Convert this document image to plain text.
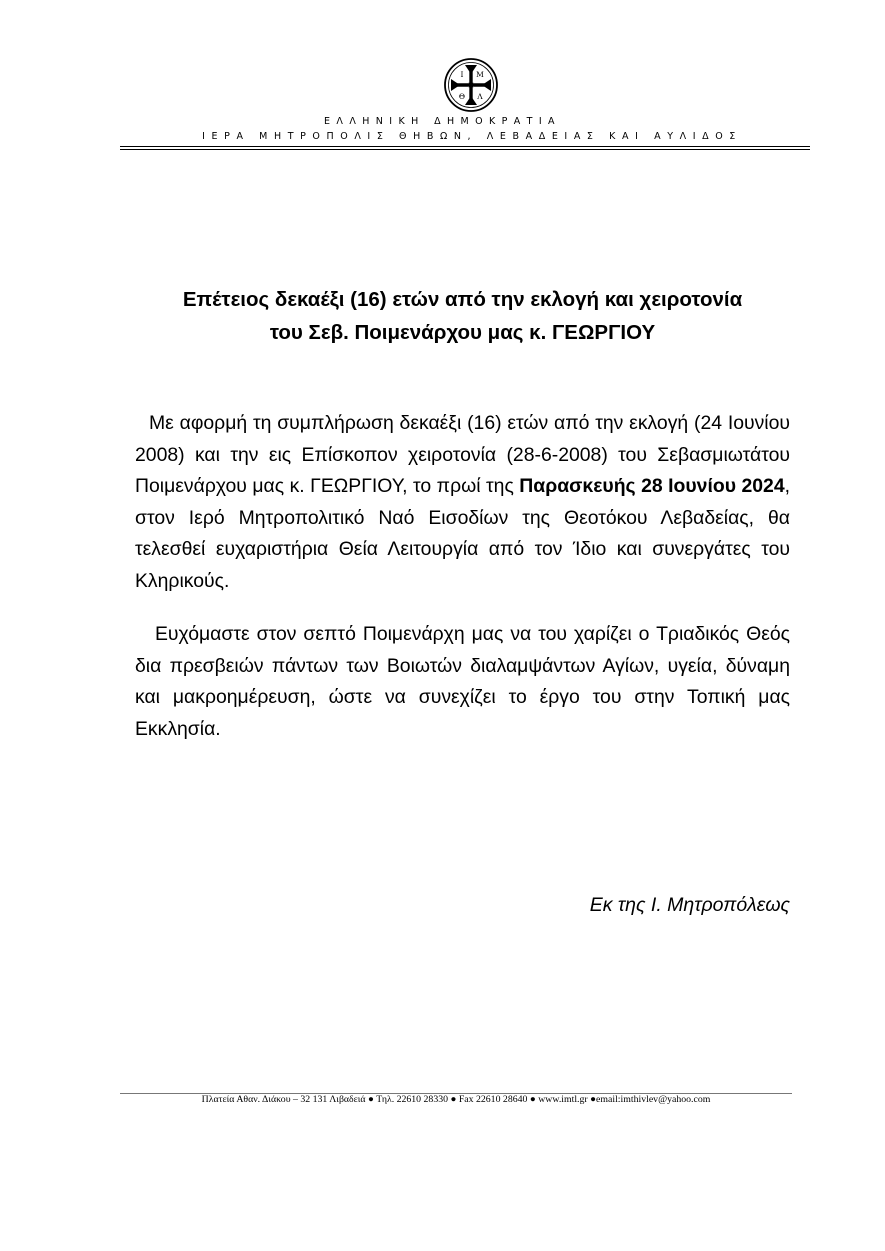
Ι Μ
Θ Λ
ΕΛΛΗΝΙΚΗ ΔΗΜΟΚΡΑΤΙΑ
ΙΕΡΑ ΜΗΤΡΟΠΟΛΙΣ ΘΗΒΩΝ, ΛΕΒΑΔΕΙΑΣ ΚΑΙ ΑΥΛΙΔΟΣ
Επέτειος δεκαέξι (16) ετών από την εκλογή και χειροτονία
του Σεβ. Ποιμενάρχου μας κ. ΓΕΩΡΓΙΟΥ
Με αφορμή τη συμπλήρωση δεκαέξι (16) ετών από την εκλογή (24 Ιουνίου 2008) και την εις Επίσκοπον χειροτονία (28-6-2008) του Σεβασμιωτάτου Ποιμενάρχου μας κ. ΓΕΩΡΓΙΟΥ, το πρωί της Παρασκευής 28 Ιουνίου 2024, στον Ιερό Μητροπολιτικό Ναό Εισοδίων της Θεοτόκου Λεβαδείας, θα τελεσθεί ευχαριστήρια Θεία Λειτουργία από τον Ίδιο και συνεργάτες του Κληρικούς.
Ευχόμαστε στον σεπτό Ποιμενάρχη μας να του χαρίζει ο Τριαδικός Θεός δια πρεσβειών πάντων των Βοιωτών διαλαμψάντων Αγίων, υγεία, δύναμη και μακροημέρευση, ώστε να συνεχίζει το έργο του στην Τοπική μας Εκκλησία.
Εκ της Ι. Μητροπόλεως
Πλατεία Αθαν. Διάκου – 32 131 Λιβαδειά ● Τηλ. 22610 28330 ● Fax 22610 28640 ● www.imtl.gr ●email:imthivlev@yahoo.com
